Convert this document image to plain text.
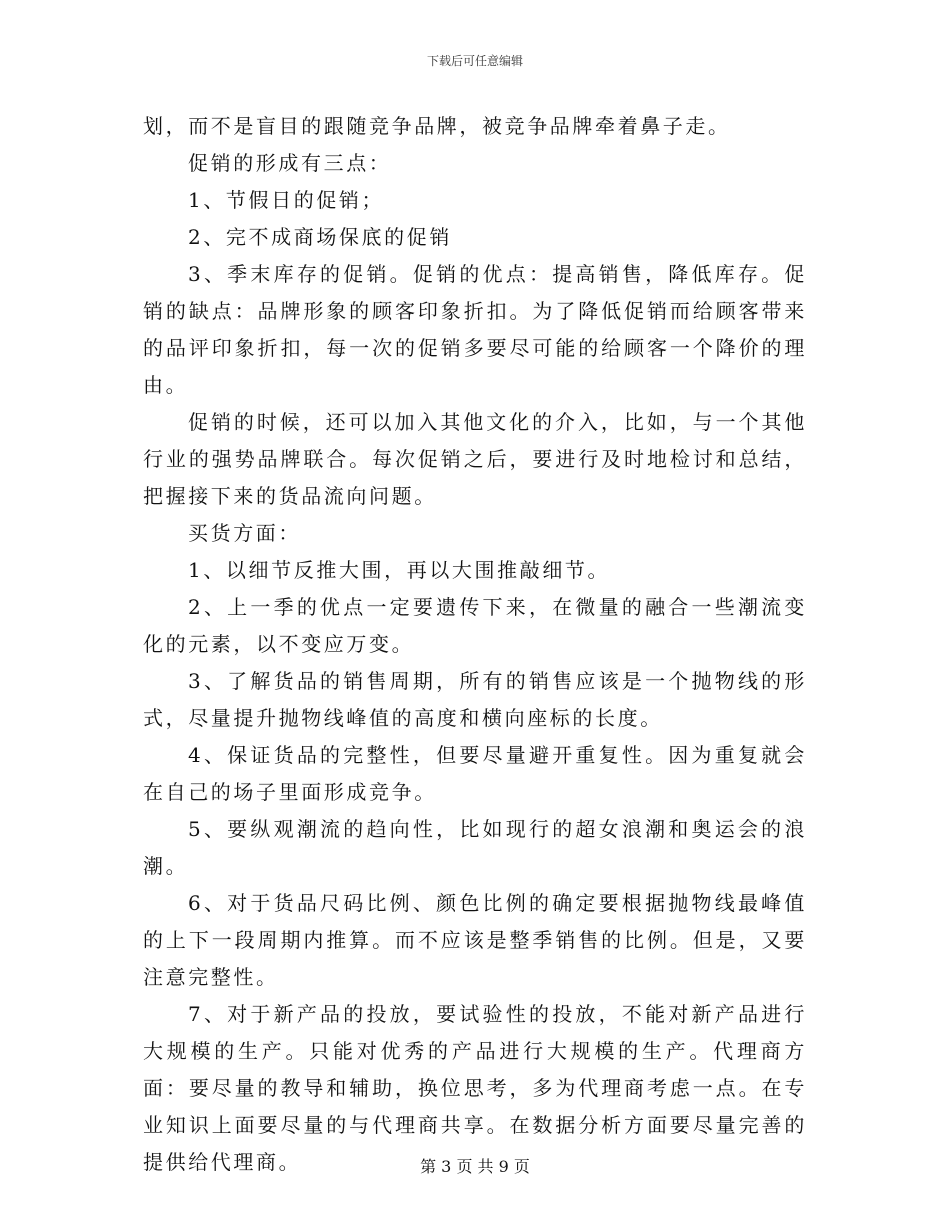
下载后可任意编辑

划，而不是盲目的跟随竞争品牌，被竞争品牌牵着鼻子走。

促销的形成有三点：

1、节假日的促销；

2、完不成商场保底的促销

3、季末库存的促销。促销的优点：提高销售，降低库存。促销的缺点：品牌形象的顾客印象折扣。为了降低促销而给顾客带来的品评印象折扣，每一次的促销多要尽可能的给顾客一个降价的理由。

促销的时候，还可以加入其他文化的介入，比如，与一个其他行业的强势品牌联合。每次促销之后，要进行及时地检讨和总结，把握接下来的货品流向问题。

买货方面：

1、以细节反推大围，再以大围推敲细节。

2、上一季的优点一定要遗传下来，在微量的融合一些潮流变化的元素，以不变应万变。

3、了解货品的销售周期，所有的销售应该是一个抛物线的形式，尽量提升抛物线峰值的高度和横向座标的长度。

4、保证货品的完整性，但要尽量避开重复性。因为重复就会在自己的场子里面形成竞争。

5、要纵观潮流的趋向性，比如现行的超女浪潮和奥运会的浪潮。

6、对于货品尺码比例、颜色比例的确定要根据抛物线最峰值的上下一段周期内推算。而不应该是整季销售的比例。但是，又要注意完整性。

7、对于新产品的投放，要试验性的投放，不能对新产品进行大规模的生产。只能对优秀的产品进行大规模的生产。代理商方面：要尽量的教导和辅助，换位思考，多为代理商考虑一点。在专业知识上面要尽量的与代理商共享。在数据分析方面要尽量完善的提供给代理商。	第 3 页 共 9 页
